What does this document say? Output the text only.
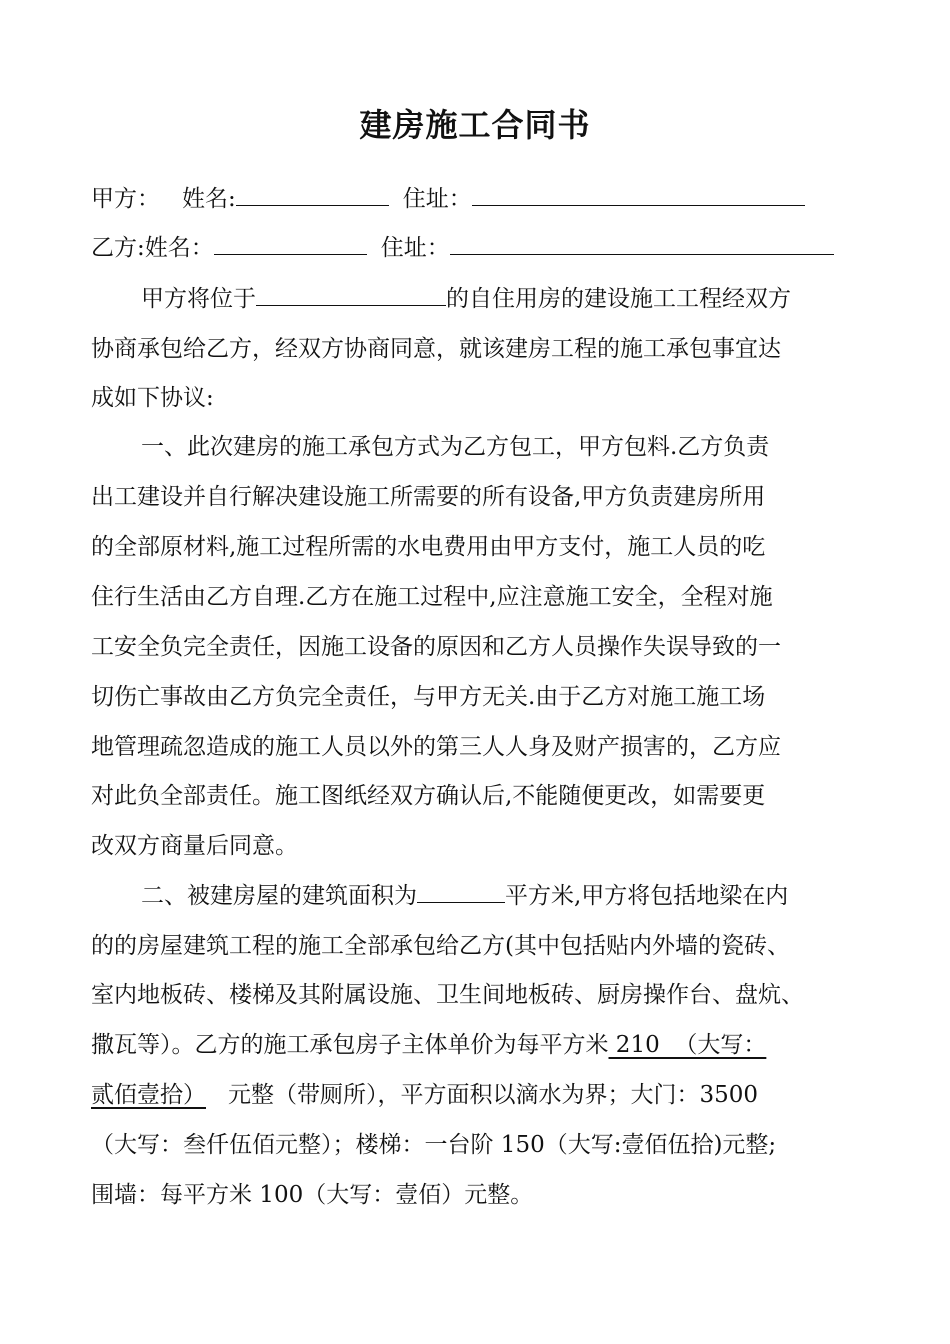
建房施工合同书
甲方： 姓名:	住址：
乙方:姓名：	住址：
甲方将位于	的自住用房的建设施工工程经双方
协商承包给乙方，经双方协商同意，就该建房工程的施工承包事宜达
成如下协议:
一、此次建房的施工承包方式为乙方包工，甲方包料.乙方负责
出工建设并自行解决建设施工所需要的所有设备,甲方负责建房所用
的全部原材料,施工过程所需的水电费用由甲方支付，施工人员的吃
住行生活由乙方自理.乙方在施工过程中,应注意施工安全，全程对施
工安全负完全责任，因施工设备的原因和乙方人员操作失误导致的一
切伤亡事故由乙方负完全责任，与甲方无关.由于乙方对施工施工场
地管理疏忽造成的施工人员以外的第三人人身及财产损害的，乙方应
对此负全部责任。施工图纸经双方确认后,不能随便更改，如需要更
改双方商量后同意。
二、被建房屋的建筑面积为	平方米,甲方将包括地梁在内
的的房屋建筑工程的施工全部承包给乙方(其中包括贴内外墙的瓷砖、
室内地板砖、楼梯及其附属设施、卫生间地板砖、厨房操作台、盘炕、
撒瓦等）。乙方的施工承包房子主体单价为每平方米 210  （大写：
贰佰壹拾） 元整（带厕所），平方面积以滴水为界；大门：3500
（大写：叁仟伍佰元整）；楼梯：一台阶 150（大写:壹佰伍拾)元整;
围墙：每平方米 100（大写：壹佰）元整。
